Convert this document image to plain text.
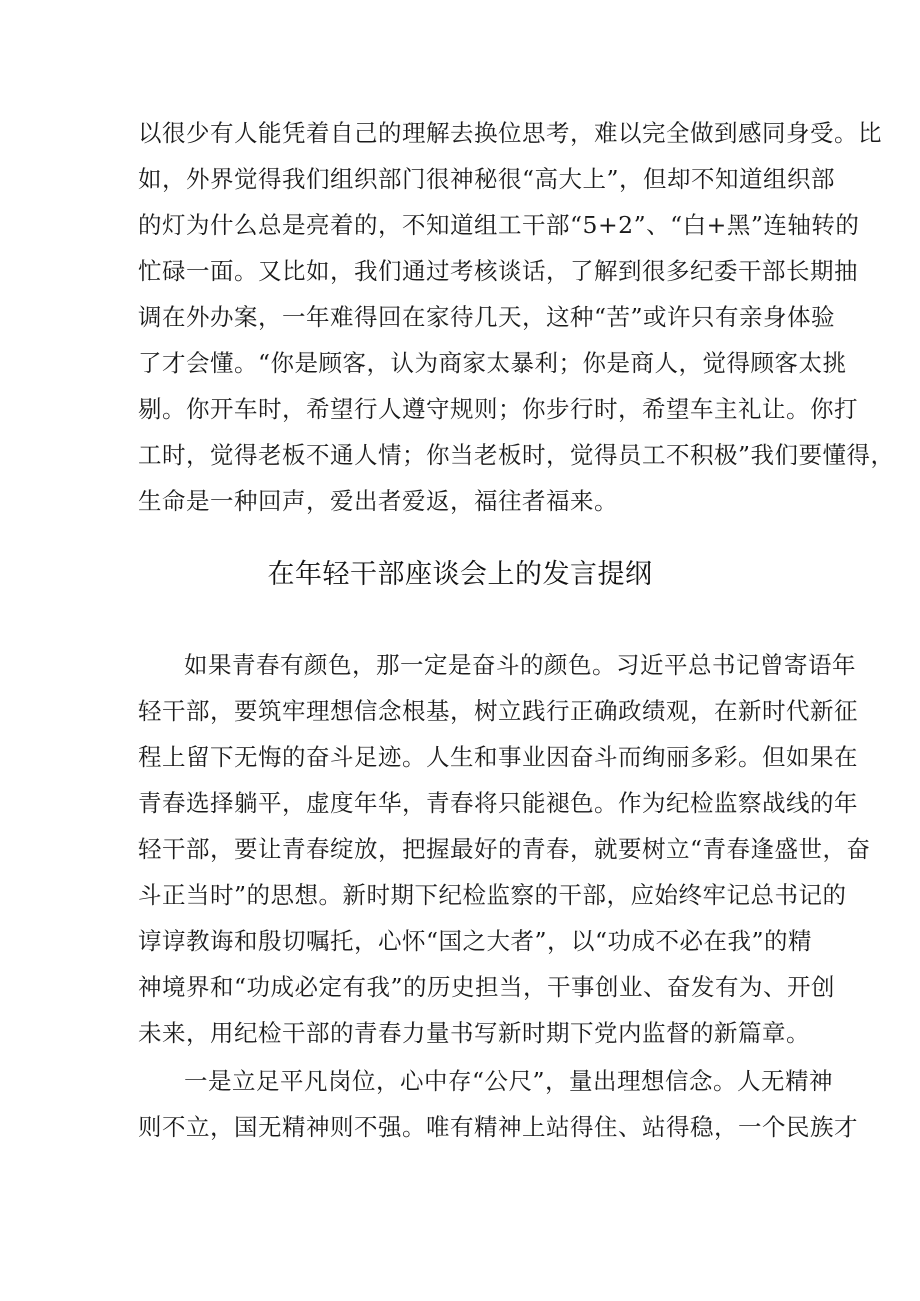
以很少有人能凭着自己的理解去换位思考，难以完全做到感同身受。比
如，外界觉得我们组织部门很神秘很“高大上”，但却不知道组织部
的灯为什么总是亮着的，不知道组工干部“5+2”、“白+黑”连轴转的
忙碌一面。又比如，我们通过考核谈话，了解到很多纪委干部长期抽
调在外办案，一年难得回在家待几天，这种“苦”或许只有亲身体验
了才会懂。“你是顾客，认为商家太暴利；你是商人，觉得顾客太挑
剔。你开车时，希望行人遵守规则；你步行时，希望车主礼让。你打
工时，觉得老板不通人情；你当老板时，觉得员工不积极”我们要懂得，
生命是一种回声，爱出者爱返，福往者福来。
在年轻干部座谈会上的发言提纲
如果青春有颜色，那一定是奋斗的颜色。习近平总书记曾寄语年
轻干部，要筑牢理想信念根基，树立践行正确政绩观，在新时代新征
程上留下无悔的奋斗足迹。人生和事业因奋斗而绚丽多彩。但如果在
青春选择躺平，虚度年华，青春将只能褪色。作为纪检监察战线的年
轻干部，要让青春绽放，把握最好的青春，就要树立“青春逢盛世，奋
斗正当时”的思想。新时期下纪检监察的干部，应始终牢记总书记的
谆谆教诲和殷切嘱托，心怀“国之大者”，以“功成不必在我”的精
神境界和“功成必定有我”的历史担当，干事创业、奋发有为、开创
未来，用纪检干部的青春力量书写新时期下党内监督的新篇章。
一是立足平凡岗位，心中存“公尺”，量出理想信念。人无精神
则不立，国无精神则不强。唯有精神上站得住、站得稳，一个民族才
